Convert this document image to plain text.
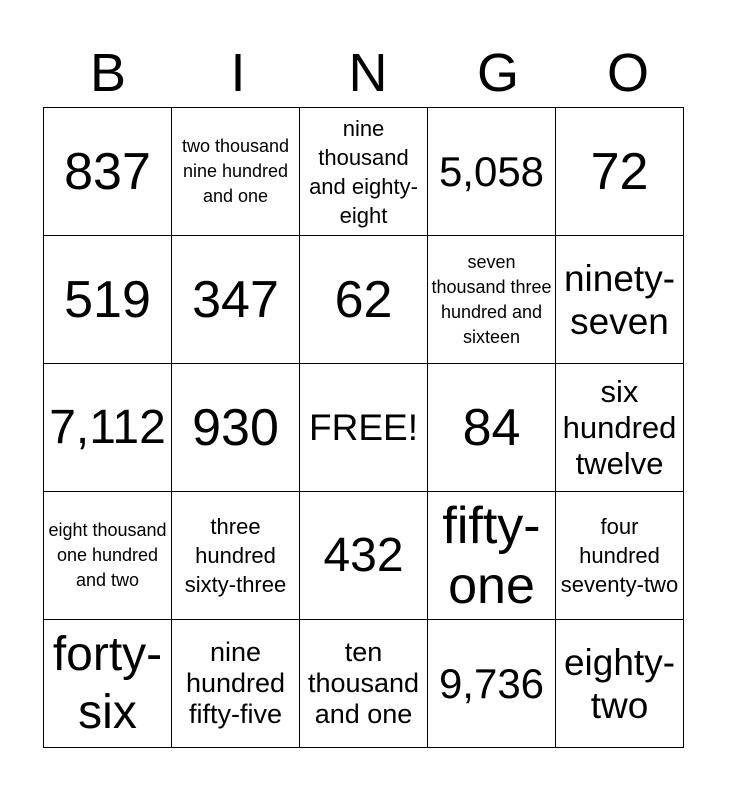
B	I	N	G	O
837	two thousand nine hundred and one	nine thousand and eighty-eight	5,058	72
519	347	62	seven thousand three hundred and sixteen	ninety-seven
7,112	930	FREE!	84	six hundred twelve
eight thousand one hundred and two	three hundred sixty-three	432	fifty-one	four hundred seventy-two
forty-six	nine hundred fifty-five	ten thousand and one	9,736	eighty-two
